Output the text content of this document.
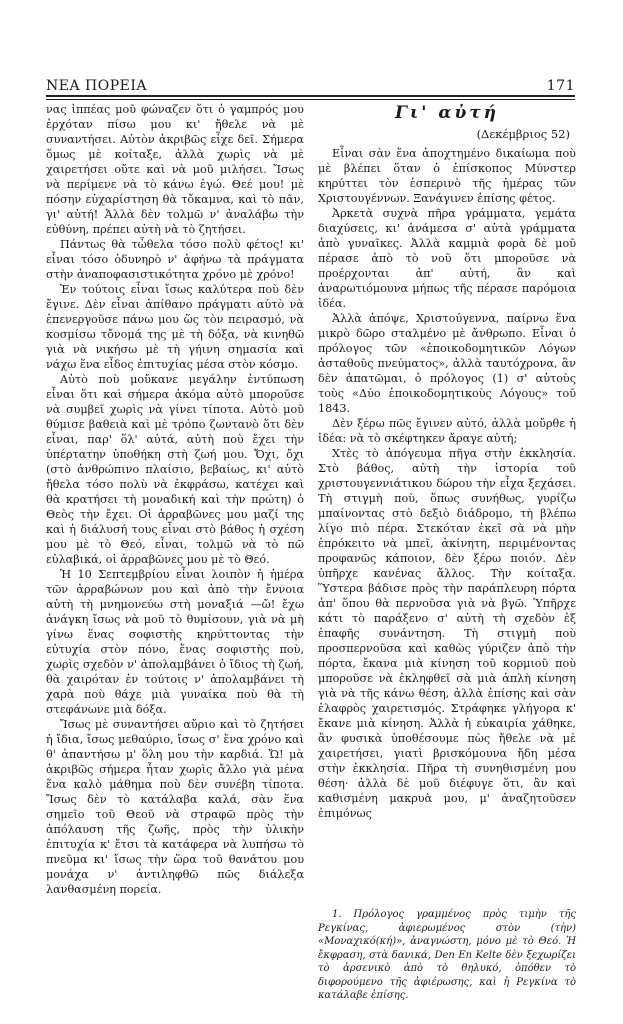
ΝΕΑ ΠΟΡΕΙΑ	171

νας ἱππέας μοῦ φώναζεν ὅτι ὁ γαμπρός μου ἐρχόταν πίσω μου κι' ἤθελε νὰ μὲ συναντήσει. Αὐτὸν ἀκριβῶς εἶχε δεῖ. Σήμερα ὅμως μὲ κοίταξε, ἀλλὰ χωρὶς νὰ μὲ χαιρετήσει οὔτε καὶ νὰ μοῦ μιλήσει. Ἴσως νὰ περίμενε νὰ τὸ κάνω ἐγώ. Θεέ μου! μὲ πόσην εὐχαρίστηση θὰ τὄκαμνα, καὶ τὸ πᾶν, γι' αὐτή! Ἀλλὰ δὲν τολμῶ ν' ἀναλάβω τὴν εὐθύνη, πρέπει αὐτὴ νὰ τὸ ζητήσει.

Πάντως θὰ τὧθελα τόσο πολὺ φέτος! κι' εἶναι τόσο ὀδυνηρὸ ν' ἀφήνω τὰ πράγματα στὴν ἀναποφασιστικότητα χρόνο μὲ χρόνο!

Ἐν τούτοις εἶναι ἴσως καλύτερα ποὺ δὲν ἔγινε. Δὲν εἶναι ἀπίθανο πράγματι αὐτὸ νὰ ἐπενεργοῦσε πάνω μου ὥς τὸν πειρασμό, νὰ κοσμίσω τὄνομά της μὲ τὴ δόξα, νὰ κινηθῶ γιὰ νὰ νικήσω μὲ τὴ γήινη σημασία καὶ νάχω ἕνα εἶδος ἐπιτυχίας μέσα στὸν κόσμο.

Αὐτὸ ποὺ μοὔκανε μεγάλην ἐντύπωση εἶναι ὅτι καὶ σήμερα ἀκόμα αὐτὸ μποροῦσε νὰ συμβεῖ χωρὶς νὰ γίνει τίποτα. Αὐτὸ μοῦ θύμισε βαθειὰ καὶ μὲ τρόπο ζωντανὸ ὅτι δὲν εἶναι, παρ' ὅλ' αὐτά, αὐτὴ ποὺ ἔχει τὴν ὑπέρτατην ὑποθήκη στὴ ζωή μου. Ὄχι, ὄχι (στὸ ἀνθρώπινο πλαίσιο, βεβαίως, κι' αὐτὸ ἤθελα τόσο πολὺ νὰ ἐκφράσω, κατέχει καὶ θὰ κρατήσει τὴ μοναδική καὶ τὴν πρώτη) ὁ Θεὸς τὴν ἔχει. Οἱ ἀρραβῶνες μου μαζί της καὶ ἡ διάλυσή τους εἶναι στὸ βάθος ἡ σχέση μου μὲ τὸ Θεό, εἶναι, τολμῶ νὰ τὸ πῶ εὐλαβικά, οἱ ἀρραβῶνες μου μὲ τὸ Θεό.

Ἡ 10 Σεπτεμβρίου εἶναι λοιπὸν ἡ ἡμέρα τῶν ἀρραβώνων μου καὶ ἀπὸ τὴν ἔννοια αὐτὴ τὴ μνημονεύω στὴ μοναξιά —ὤ! ἔχω ἀνάγκη ἴσως νὰ μοῦ τὸ θυμίσουν, γιὰ νὰ μὴ γίνω ἕνας σοφιστὴς κηρύττοντας τὴν εὐτυχία στὸν πόνο, ἕνας σοφιστὴς ποὺ, χωρὶς σχεδὸν ν' ἀπολαμβάνει ὁ ἴδιος τὴ ζωή, θὰ χαιρόταν ἐν τούτοις ν' ἀπολαμβάνει τὴ χαρὰ ποὺ θάχε μιὰ γυναίκα ποὺ θὰ τὴ στεφάνωνε μιὰ δόξα.

Ἴσως μὲ συναντήσει αὔριο καὶ τὸ ζητήσει ἡ ἴδια, ἴσως μεθαύριο, ἴσως σ' ἕνα χρόνο καὶ θ' ἀπαντήσω μ' ὅλη μου τὴν καρδιά. Ὤ! μὰ ἀκριβῶς σήμερα ἦταν χωρὶς ἄλλο γιὰ μένα ἕνα καλὸ μάθημα ποὺ δὲν συνέβη τίποτα. Ἴσως δὲν τὸ κατάλαβα καλά, σὰν ἕνα σημεῖο τοῦ Θεοῦ νὰ στραφῶ πρὸς τὴν ἀπόλαυση τῆς ζωῆς, πρὸς τὴν ὑλικὴν ἐπιτυχία κ' ἔτσι τὰ κατάφερα νὰ λυπήσω τὸ πνεῦμα κι' ἴσως τὴν ὥρα τοῦ θανάτου μου μονάχα ν' ἀντιληφθῶ πῶς διάλεξα λανθασμένη πορεία.

Γι' αὐτή
(Δεκέμβριος 52)

Εἶναι σὰν ἕνα ἀποχτημένο δικαίωμα ποὺ μὲ βλέπει ὅταν ὁ ἐπίσκοπος Μύνστερ κηρύττει τὸν ἑσπερινὸ τῆς ἡμέρας τῶν Χριστουγέννων. Ξανάγινεν ἐπίσης φέτος.

Ἀρκετὰ συχνὰ πῆρα γράμματα, γεμάτα διαχύσεις, κι' ἀνάμεσα σ' αὐτὰ γράμματα ἀπὸ γυναῖκες. Ἀλλὰ καμμιὰ φορὰ δὲ μοῦ πέρασε ἀπὸ τὸ νοῦ ὅτι μποροῦσε νὰ προέρχονται ἀπ' αὐτή, ἂν καὶ ἀναρωτιόμουνα μήπως τῆς πέρασε παρόμοια ἰδέα.

Ἀλλὰ ἀπόψε, Χριστούγεννα, παίρνω ἕνα μικρὸ δῶρο σταλμένο μὲ ἄνθρωπο. Εἶναι ὁ πρόλογος τῶν «ἐποικοδομητικῶν Λόγων ἀσταθοῦς πνεύματος», ἀλλὰ ταυτόχρονα, ἂν δὲν ἀπατῶμαι, ὁ πρόλογος (1) σ' αὐτοὺς τοὺς «Δύο ἐποικοδομητικοὺς Λόγους» τοῦ 1843.

Δὲν ξέρω πῶς ἔγινεν αὐτό, ἀλλὰ μοὔρθε ἡ ἰδέα: νὰ τὸ σκέφτηκεν ἄραγε αὐτή;

Χτὲς τὸ ἀπόγευμα πῆγα στὴν ἐκκλησία. Στὸ βάθος, αὐτὴ τὴν ἱστορία τοῦ χριστουγεννιάτικου δώρου τὴν εἶχα ξεχάσει. Τὴ στιγμὴ ποὺ, ὅπως συνήθως, γυρίζω μπαίνοντας στὸ δεξιὸ διάδρομο, τὴ βλέπω λίγο πιὸ πέρα. Στεκόταν ἐκεῖ σὰ νὰ μὴν ἐπρόκειτο νὰ μπεῖ, ἀκίνητη, περιμένοντας προφανῶς κάποιον, δὲν ξέρω ποιόν. Δὲν ὑπῆρχε κανένας ἄλλος. Τὴν κοίταξα. Ὕστερα βάδισε πρὸς τὴν παράπλευρη πόρτα ἀπ' ὅπου θὰ περνοῦσα γιὰ νὰ βγῶ. Ὑπῆρχε κάτι τὸ παράξενο σ' αὐτὴ τὴ σχεδὸν ἐξ ἐπαφῆς συνάντηση. Τὴ στιγμὴ ποὺ προσπερνοῦσα καὶ καθὼς γύριζεν ἀπὸ τὴν πόρτα, ἔκανα μιὰ κίνηση τοῦ κορμιοῦ ποὺ μποροῦσε νὰ ἐκληφθεῖ σὰ μιὰ ἁπλὴ κίνηση γιὰ νὰ τῆς κάνω θέση, ἀλλὰ ἐπίσης καὶ σὰν ἐλαφρὸς χαιρετισμός. Στράφηκε γλήγορα κ' ἔκανε μιὰ κίνηση. Ἀλλὰ ἡ εὐκαιρία χάθηκε, ἂν φυσικὰ ὑποθέσουμε πὼς ἤθελε νὰ μὲ χαιρετήσει, γιατὶ βρισκόμουνα ἤδη μέσα στὴν ἐκκλησία. Πῆρα τὴ συνηθισμένη μου θέση· ἀλλὰ δὲ μοῦ διέφυγε ὅτι, ἂν καὶ καθισμένη μακρυὰ μου, μ' ἀναζητοῦσεν ἐπιμόνως

1. Πρόλογος γραμμένος πρὸς τιμὴν τῆς Ρεγκίνας, ἀφιερωμένος στὸν (τὴν) «Μοναχικό(κή)», ἀναγνώστη, μόνο μὲ τὸ Θεό. Ἡ ἔκφραση, στὰ δανικά, Den En Kelte δὲν ξεχωρίζει τὸ ἀρσενικὸ ἀπὸ τὸ θηλυκό, ὁπόθεν τὸ διφορούμενο τῆς ἀφιέρωσης, καὶ ἡ Ρεγκίνα τὸ κατάλαβε ἐπίσης.
